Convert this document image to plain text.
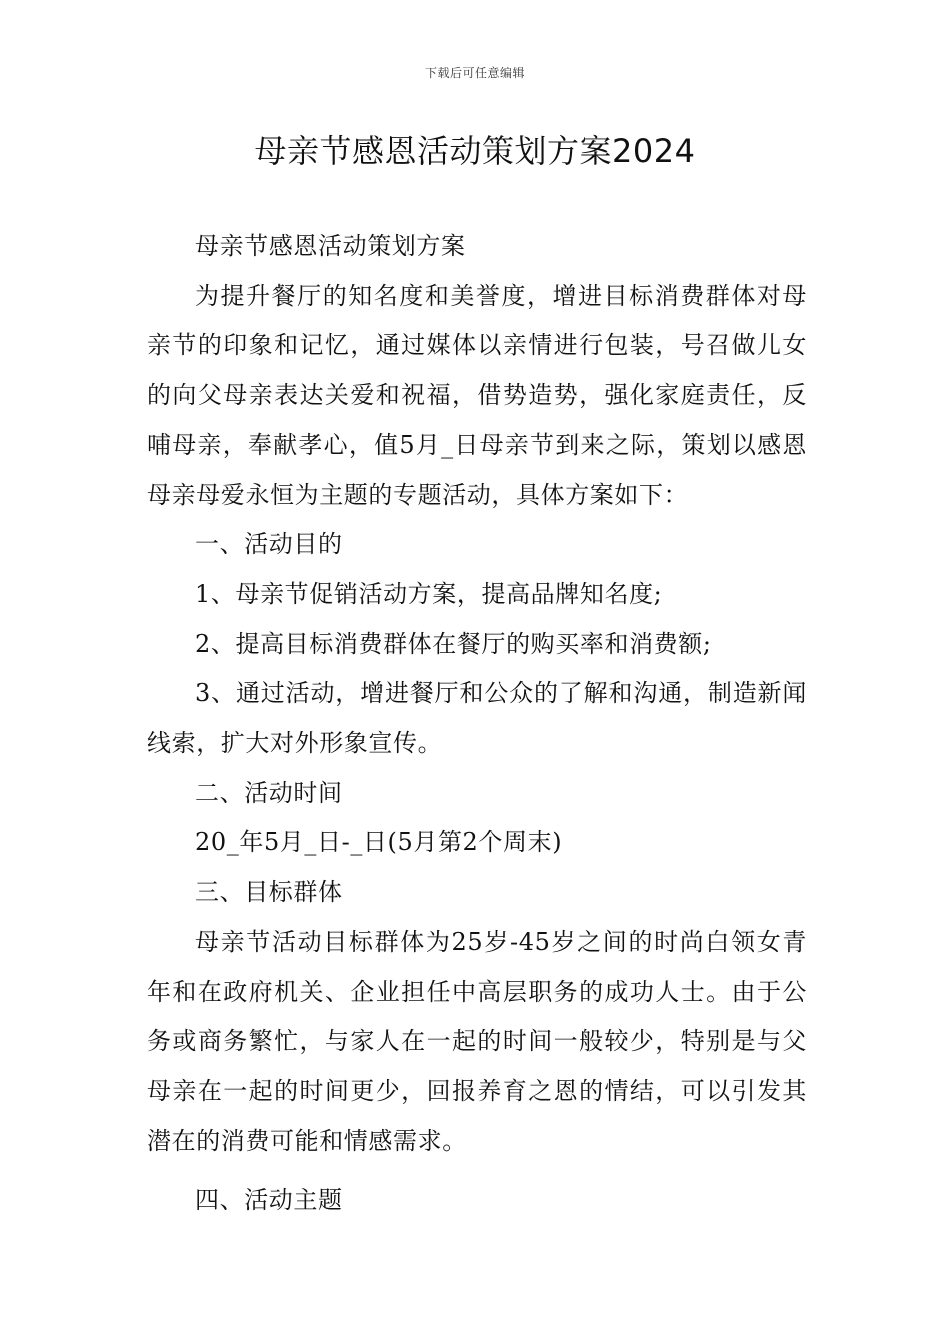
下载后可任意编辑
母亲节感恩活动策划方案2024

母亲节感恩活动策划方案

为提升餐厅的知名度和美誉度，增进目标消费群体对母亲节的印象和记忆，通过媒体以亲情进行包装，号召做儿女的向父母亲表达关爱和祝福，借势造势，强化家庭责任，反哺母亲，奉献孝心，值5月_日母亲节到来之际，策划以感恩母亲母爱永恒为主题的专题活动，具体方案如下：

一、活动目的

1、母亲节促销活动方案，提高品牌知名度;

2、提高目标消费群体在餐厅的购买率和消费额;

3、通过活动，增进餐厅和公众的了解和沟通，制造新闻线索，扩大对外形象宣传。

二、活动时间

20_年5月_日-_日(5月第2个周末)

三、目标群体

母亲节活动目标群体为25岁-45岁之间的时尚白领女青年和在政府机关、企业担任中高层职务的成功人士。由于公务或商务繁忙，与家人在一起的时间一般较少，特别是与父母亲在一起的时间更少，回报养育之恩的情结，可以引发其潜在的消费可能和情感需求。

四、活动主题
